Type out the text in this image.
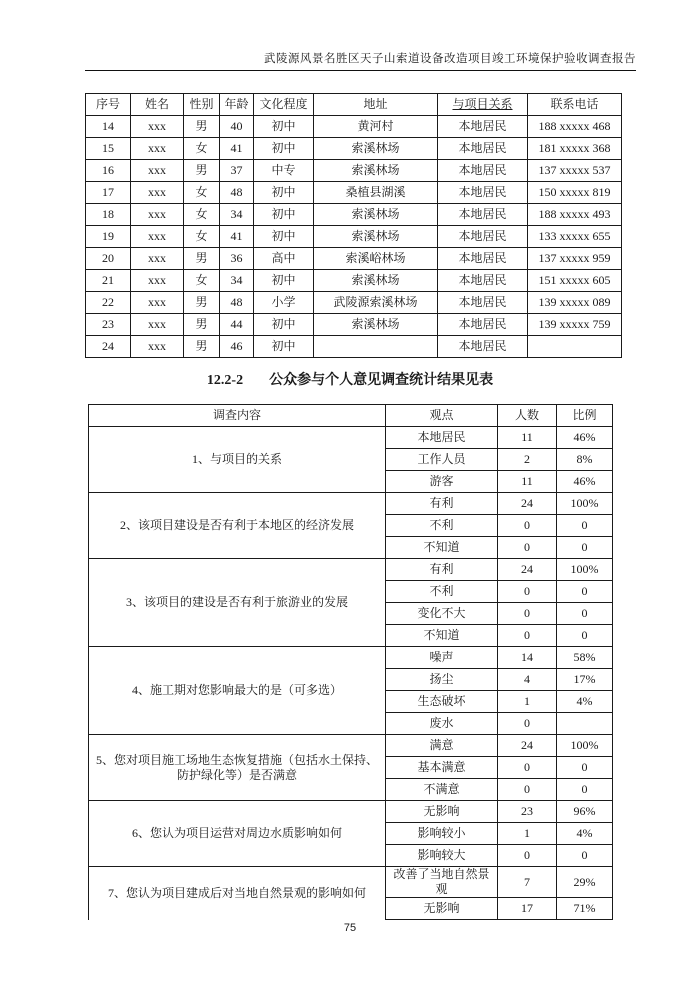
武陵源风景名胜区天子山索道设备改造项目竣工环境保护验收调查报告
序号	姓名	性别	年龄	文化程度	地址	与项目关系	联系电话
14	xxx	男	40	初中	黄河村	本地居民	188 xxxxx 468
15	xxx	女	41	初中	索溪林场	本地居民	181 xxxxx 368
16	xxx	男	37	中专	索溪林场	本地居民	137 xxxxx 537
17	xxx	女	48	初中	桑植县湖溪	本地居民	150 xxxxx 819
18	xxx	女	34	初中	索溪林场	本地居民	188 xxxxx 493
19	xxx	女	41	初中	索溪林场	本地居民	133 xxxxx 655
20	xxx	男	36	高中	索溪峪林场	本地居民	137 xxxxx 959
21	xxx	女	34	初中	索溪林场	本地居民	151 xxxxx 605
22	xxx	男	48	小学	武陵源索溪林场	本地居民	139 xxxxx 089
23	xxx	男	44	初中	索溪林场	本地居民	139 xxxxx 759
24	xxx	男	46	初中		本地居民	
12.2-2 公众参与个人意见调查统计结果见表
调查内容	观点	人数	比例
1、与项目的关系	本地居民	11	46%
	工作人员	2	8%
	游客	11	46%
2、该项目建设是否有利于本地区的经济发展	有利	24	100%
	不利	0	0
	不知道	0	0
3、该项目的建设是否有利于旅游业的发展	有利	24	100%
	不利	0	0
	变化不大	0	0
	不知道	0	0
4、施工期对您影响最大的是（可多选）	噪声	14	58%
	扬尘	4	17%
	生态破坏	1	4%
	废水	0	
5、您对项目施工场地生态恢复措施（包括水土保持、防护绿化等）是否满意	满意	24	100%
	基本满意	0	0
	不满意	0	0
6、您认为项目运营对周边水质影响如何	无影响	23	96%
	影响较小	1	4%
	影响较大	0	0
7、您认为项目建成后对当地自然景观的影响如何	改善了当地自然景观	7	29%
	无影响	17	71%
75
